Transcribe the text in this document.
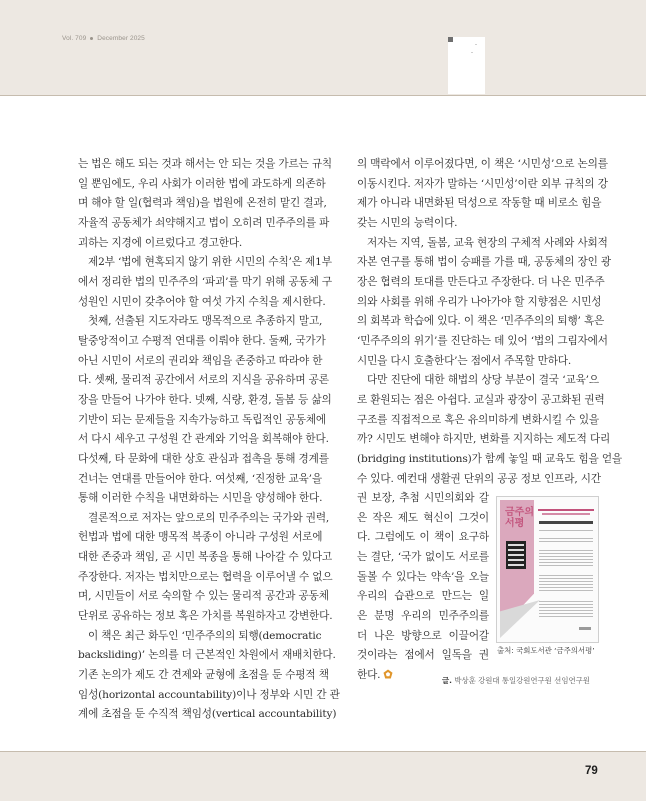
Vol. 709 December 2025
는 법은 해도 되는 것과 해서는 안 되는 것을 가르는 규칙
일 뿐임에도, 우리 사회가 이러한 법에 과도하게 의존하
며 해야 할 일(협력과 책임)을 법원에 온전히 맡긴 결과,
자율적 공동체가 쇠약해지고 법이 오히려 민주주의를 파
괴하는 지경에 이르렀다고 경고한다.
제2부 ‘법에 현혹되지 않기 위한 시민의 수칙’은 제1부
에서 정리한 법의 민주주의 ‘파괴’를 막기 위해 공동체 구
성원인 시민이 갖추어야 할 여섯 가지 수칙을 제시한다.
첫째, 선출된 지도자라도 맹목적으로 추종하지 말고,
탈중앙적이고 수평적 연대를 이뤄야 한다. 둘째, 국가가
아닌 시민이 서로의 권리와 책임을 존중하고 따라야 한
다. 셋째, 물리적 공간에서 서로의 지식을 공유하며 공론
장을 만들어 나가야 한다. 넷째, 식량, 환경, 돌봄 등 삶의
기반이 되는 문제들을 지속가능하고 독립적인 공동체에
서 다시 세우고 구성원 간 관계와 기억을 회복해야 한다.
다섯째, 타 문화에 대한 상호 관심과 접촉을 통해 경계를
건너는 연대를 만들어야 한다. 여섯째, ‘진정한 교육’을
통해 이러한 수칙을 내면화하는 시민을 양성해야 한다.
결론적으로 저자는 앞으로의 민주주의는 국가와 권력,
헌법과 법에 대한 맹목적 복종이 아니라 구성원 서로에
대한 존중과 책임, 곧 시민 복종을 통해 나아갈 수 있다고
주장한다. 저자는 법치만으로는 협력을 이루어낼 수 없으
며, 시민들이 서로 숙의할 수 있는 물리적 공간과 공동체
단위로 공유하는 정보 혹은 가치를 복원하자고 강변한다.
이 책은 최근 화두인 ‘민주주의의 퇴행(democratic
backsliding)’ 논의를 더 근본적인 차원에서 재배치한다.
기존 논의가 제도 간 견제와 균형에 초점을 둔 수평적 책
임성(horizontal accountability)이나 정부와 시민 간 관
계에 초점을 둔 수직적 책임성(vertical accountability)
의 맥락에서 이루어졌다면, 이 책은 ‘시민성’으로 논의를
이동시킨다. 저자가 말하는 ‘시민성’이란 외부 규칙의 강
제가 아니라 내면화된 덕성으로 작동할 때 비로소 힘을
갖는 시민의 능력이다.
저자는 지역, 돌봄, 교육 현장의 구체적 사례와 사회적
자본 연구를 통해 법이 승패를 가를 때, 공동체의 장인 광
장은 협력의 토대를 만든다고 주장한다. 더 나은 민주주
의와 사회를 위해 우리가 나아가야 할 지향점은 시민성
의 회복과 학습에 있다. 이 책은 ‘민주주의의 퇴행’ 혹은
‘민주주의의 위기’를 진단하는 데 있어 ‘법의 그림자에서
시민을 다시 호출한다’는 점에서 주목할 만하다.
다만 진단에 대한 해법의 상당 부분이 결국 ‘교육’으
로 환원되는 점은 아쉽다. 교실과 광장이 공고화된 권력
구조를 직접적으로 혹은 유의미하게 변화시킬 수 있을
까? 시민도 변해야 하지만, 변화를 지지하는 제도적 다리
(bridging institutions)가 함께 놓일 때 교육도 힘을 얻을
수 있다. 예컨대 생활권 단위의 공공 정보 인프라, 시간
권 보장, 추첨 시민의회와 갈
은 작은 제도 혁신이 그것이
다. 그럼에도 이 책이 요구하
는 결단, ‘국가 없이도 서로를
돌볼 수 있다는 약속’을 오늘
우리의 습관으로 만드는 일
은 분명 우리의 민주주의를
더 나은 방향으로 이끌어갈
것이라는 점에서 일독을 권
한다.
금주의
서평
출처: 국회도서관 ‘금주의서평’
글. 박상훈 강원대 통일강원연구원 선임연구원
79
